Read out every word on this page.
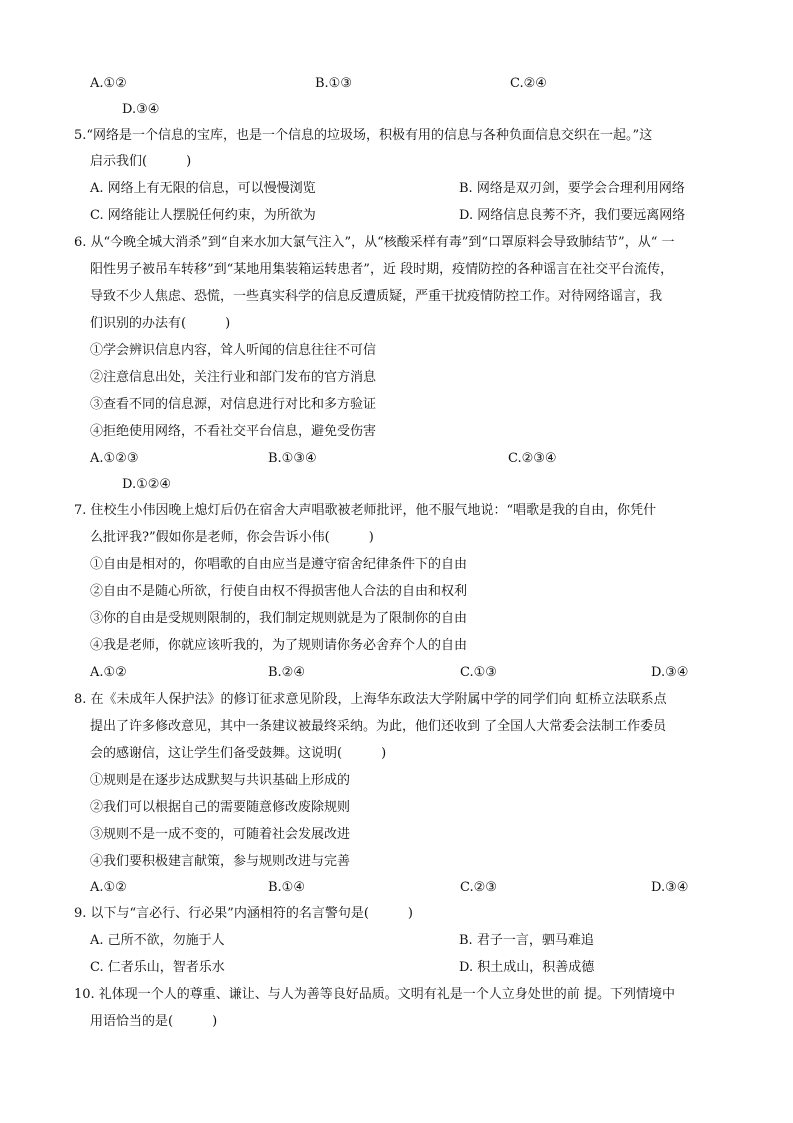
A.①②	B.①③	C.②④
D.③④
5.“网络是一个信息的宝库，也是一个信息的垃圾场，积极有用的信息与各种负面信息交织在一起。”这
启示我们(　　　)
A. 网络上有无限的信息，可以慢慢浏览	B. 网络是双刃剑，要学会合理利用网络
C. 网络能让人摆脱任何约束，为所欲为	D. 网络信息良莠不齐，我们要远离网络
6. 从“今晚全城大消杀”到“自来水加大氯气注入”，从“核酸采样有毒”到“口罩原料会导致肺结节”，从“ 一
阳性男子被吊车转移”到“某地用集装箱运转患者”，近 段时期，疫情防控的各种谣言在社交平台流传，
导致不少人焦虑、恐慌，一些真实科学的信息反遭质疑，严重干扰疫情防控工作。对待网络谣言，我
们识别的办法有(　　　)
①学会辨识信息内容，耸人听闻的信息往往不可信
②注意信息出处，关注行业和部门发布的官方消息
③查看不同的信息源，对信息进行对比和多方验证
④拒绝使用网络，不看社交平台信息，避免受伤害
A.①②③	B.①③④	C.②③④
D.①②④
7. 住校生小伟因晚上熄灯后仍在宿舍大声唱歌被老师批评，他不服气地说：“唱歌是我的自由，你凭什
么批评我?”假如你是老师，你会告诉小伟(　　　)
①自由是相对的，你唱歌的自由应当是遵守宿舍纪律条件下的自由
②自由不是随心所欲，行使自由权不得损害他人合法的自由和权利
③你的自由是受规则限制的，我们制定规则就是为了限制你的自由
④我是老师，你就应该听我的，为了规则请你务必舍弃个人的自由
A.①②	B.②④	C.①③	D.③④
8. 在《未成年人保护法》的修订征求意见阶段，上海华东政法大学附属中学的同学们向 虹桥立法联系点
提出了许多修改意见，其中一条建议被最终采纳。为此，他们还收到 了全国人大常委会法制工作委员
会的感谢信，这让学生们备受鼓舞。这说明(　　　)
①规则是在逐步达成默契与共识基础上形成的
②我们可以根据自己的需要随意修改废除规则
③规则不是一成不变的，可随着社会发展改进
④我们要积极建言献策，参与规则改进与完善
A.①②	B.①④	C.②③	D.③④
9. 以下与“言必行、行必果”内涵相符的名言警句是(　　　)
A. 己所不欲，勿施于人	B. 君子一言，驷马难追
C. 仁者乐山，智者乐水	D. 积土成山，积善成德
10. 礼体现一个人的尊重、谦让、与人为善等良好品质。文明有礼是一个人立身处世的前 提。下列情境中
用语恰当的是(　　　)
